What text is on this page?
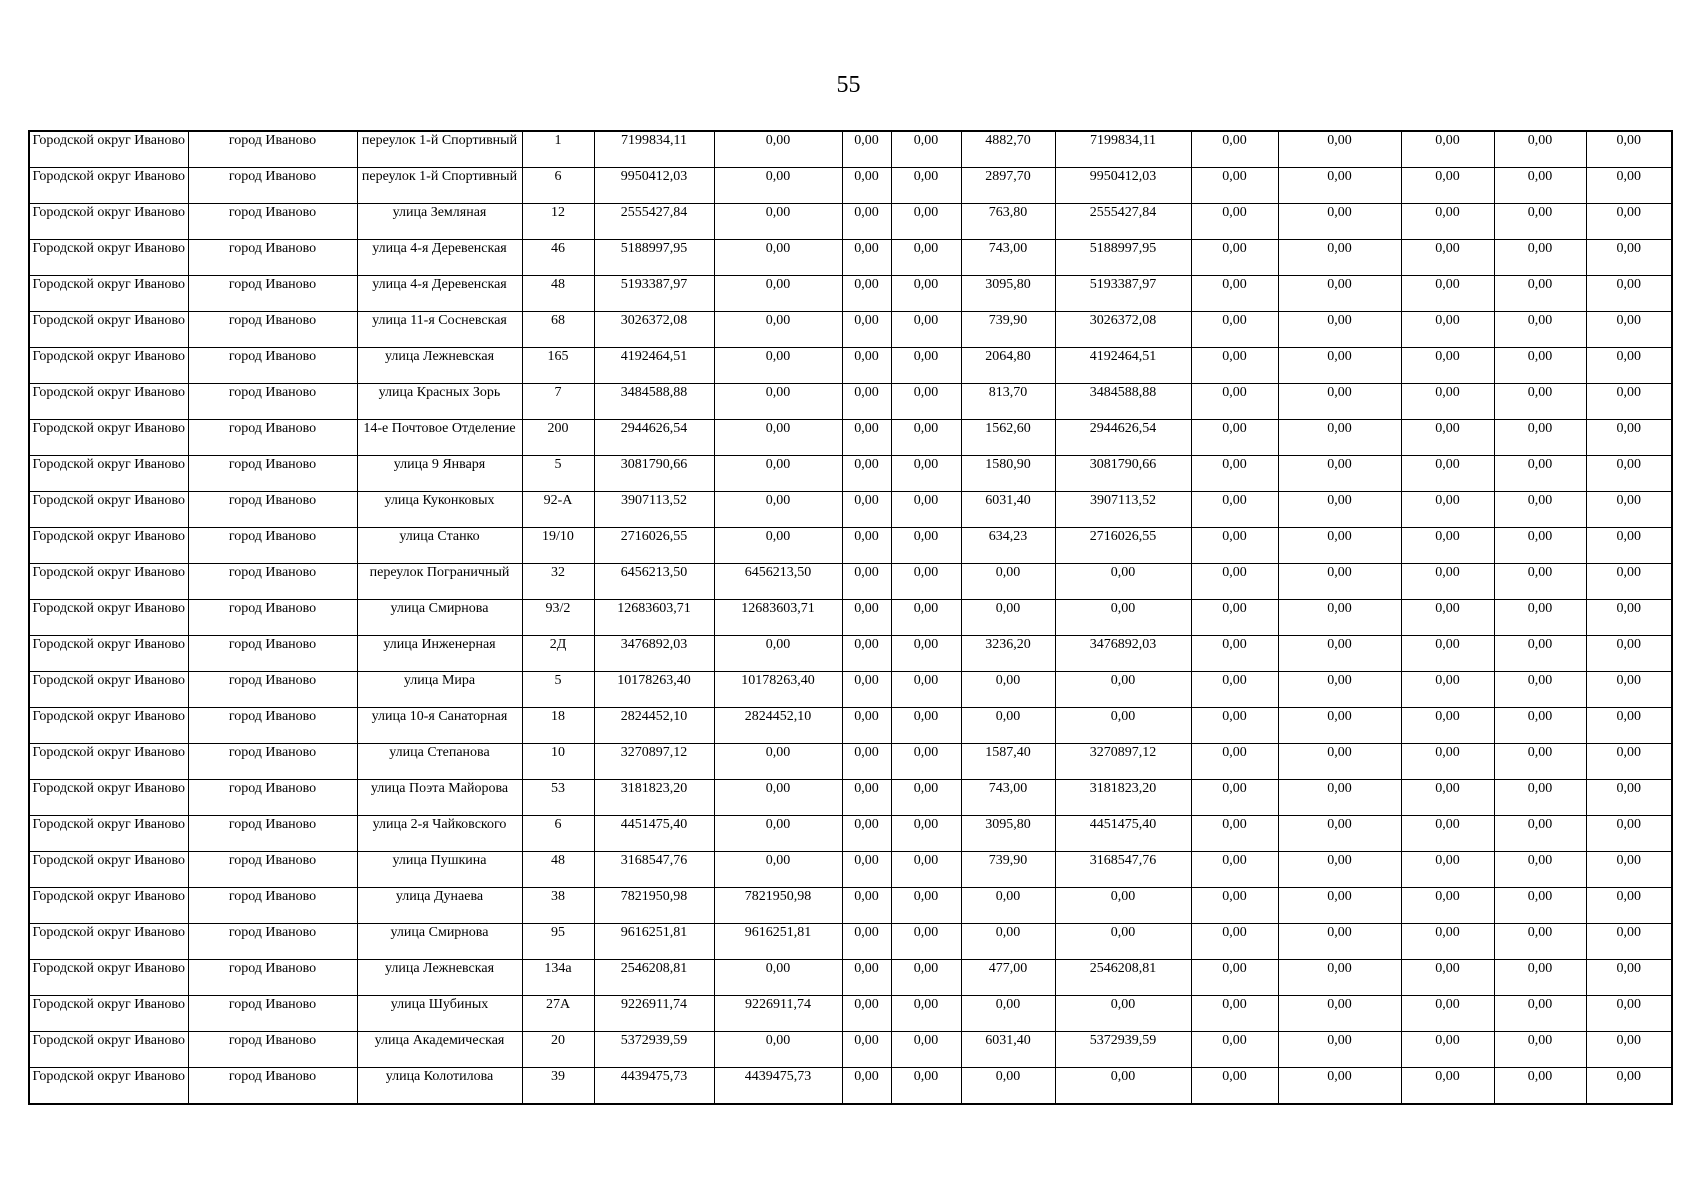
55
Городской округ Иваново	город Иваново	переулок 1-й Спортивный	1	7199834,11	0,00	0,00	0,00	4882,70	7199834,11	0,00	0,00	0,00	0,00	0,00
Городской округ Иваново	город Иваново	переулок 1-й Спортивный	6	9950412,03	0,00	0,00	0,00	2897,70	9950412,03	0,00	0,00	0,00	0,00	0,00
Городской округ Иваново	город Иваново	улица Земляная	12	2555427,84	0,00	0,00	0,00	763,80	2555427,84	0,00	0,00	0,00	0,00	0,00
Городской округ Иваново	город Иваново	улица 4-я Деревенская	46	5188997,95	0,00	0,00	0,00	743,00	5188997,95	0,00	0,00	0,00	0,00	0,00
Городской округ Иваново	город Иваново	улица 4-я Деревенская	48	5193387,97	0,00	0,00	0,00	3095,80	5193387,97	0,00	0,00	0,00	0,00	0,00
Городской округ Иваново	город Иваново	улица 11-я Сосневская	68	3026372,08	0,00	0,00	0,00	739,90	3026372,08	0,00	0,00	0,00	0,00	0,00
Городской округ Иваново	город Иваново	улица Лежневская	165	4192464,51	0,00	0,00	0,00	2064,80	4192464,51	0,00	0,00	0,00	0,00	0,00
Городской округ Иваново	город Иваново	улица Красных Зорь	7	3484588,88	0,00	0,00	0,00	813,70	3484588,88	0,00	0,00	0,00	0,00	0,00
Городской округ Иваново	город Иваново	14-е Почтовое Отделение	200	2944626,54	0,00	0,00	0,00	1562,60	2944626,54	0,00	0,00	0,00	0,00	0,00
Городской округ Иваново	город Иваново	улица 9 Января	5	3081790,66	0,00	0,00	0,00	1580,90	3081790,66	0,00	0,00	0,00	0,00	0,00
Городской округ Иваново	город Иваново	улица Куконковых	92-А	3907113,52	0,00	0,00	0,00	6031,40	3907113,52	0,00	0,00	0,00	0,00	0,00
Городской округ Иваново	город Иваново	улица Станко	19/10	2716026,55	0,00	0,00	0,00	634,23	2716026,55	0,00	0,00	0,00	0,00	0,00
Городской округ Иваново	город Иваново	переулок Пограничный	32	6456213,50	6456213,50	0,00	0,00	0,00	0,00	0,00	0,00	0,00	0,00	0,00
Городской округ Иваново	город Иваново	улица Смирнова	93/2	12683603,71	12683603,71	0,00	0,00	0,00	0,00	0,00	0,00	0,00	0,00	0,00
Городской округ Иваново	город Иваново	улица Инженерная	2Д	3476892,03	0,00	0,00	0,00	3236,20	3476892,03	0,00	0,00	0,00	0,00	0,00
Городской округ Иваново	город Иваново	улица Мира	5	10178263,40	10178263,40	0,00	0,00	0,00	0,00	0,00	0,00	0,00	0,00	0,00
Городской округ Иваново	город Иваново	улица 10-я Санаторная	18	2824452,10	2824452,10	0,00	0,00	0,00	0,00	0,00	0,00	0,00	0,00	0,00
Городской округ Иваново	город Иваново	улица Степанова	10	3270897,12	0,00	0,00	0,00	1587,40	3270897,12	0,00	0,00	0,00	0,00	0,00
Городской округ Иваново	город Иваново	улица Поэта Майорова	53	3181823,20	0,00	0,00	0,00	743,00	3181823,20	0,00	0,00	0,00	0,00	0,00
Городской округ Иваново	город Иваново	улица 2-я Чайковского	6	4451475,40	0,00	0,00	0,00	3095,80	4451475,40	0,00	0,00	0,00	0,00	0,00
Городской округ Иваново	город Иваново	улица Пушкина	48	3168547,76	0,00	0,00	0,00	739,90	3168547,76	0,00	0,00	0,00	0,00	0,00
Городской округ Иваново	город Иваново	улица Дунаева	38	7821950,98	7821950,98	0,00	0,00	0,00	0,00	0,00	0,00	0,00	0,00	0,00
Городской округ Иваново	город Иваново	улица Смирнова	95	9616251,81	9616251,81	0,00	0,00	0,00	0,00	0,00	0,00	0,00	0,00	0,00
Городской округ Иваново	город Иваново	улица Лежневская	134а	2546208,81	0,00	0,00	0,00	477,00	2546208,81	0,00	0,00	0,00	0,00	0,00
Городской округ Иваново	город Иваново	улица Шубиных	27А	9226911,74	9226911,74	0,00	0,00	0,00	0,00	0,00	0,00	0,00	0,00	0,00
Городской округ Иваново	город Иваново	улица Академическая	20	5372939,59	0,00	0,00	0,00	6031,40	5372939,59	0,00	0,00	0,00	0,00	0,00
Городской округ Иваново	город Иваново	улица Колотилова	39	4439475,73	4439475,73	0,00	0,00	0,00	0,00	0,00	0,00	0,00	0,00	0,00
